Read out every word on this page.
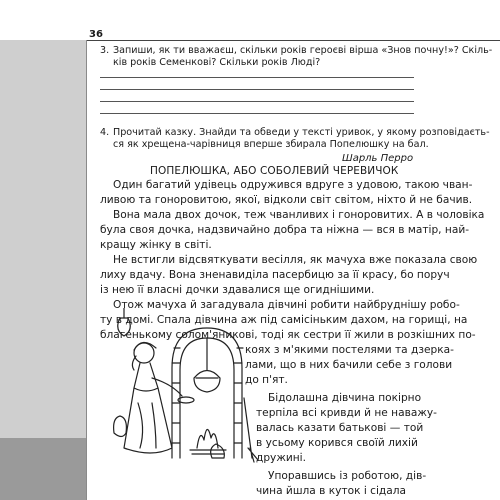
36
3. Запиши, як ти вважаєш, скільки років героєві вірша «Знов почну!»? Скіль-
ків років Семенкові? Скільки років Люді?
4. Прочитай казку. Знайди та обведи у тексті уривок, у якому розповідаєть-
ся як хрещена-чарівниця вперше збирала Попелюшку на бал.
Шарль Перро
ПОПЕЛЮШКА, АБО СОБОЛЕВИЙ ЧЕРЕВИЧОК
Один багатий удівець одружився вдруге з удовою, такою чван-
ливою та гоноровитою, якої, відколи світ світом, ніхто й не бачив.
Вона мала двох дочок, теж чванливих і гоноровитих. А в чоловіка
була своя дочка, надзвичайно добра та ніжна — вся в матір, най-
кращу жінку в світі.
Не встигли відсвяткувати весілля, як мачуха вже показала свою
лиху вдачу. Вона зненавиділа пасербицю за її красу, бо поруч
із нею її власні дочки здавалися ще огиднішими.
Отож мачуха й загадувала дівчині робити найбруднішу робо-
ту в домі. Спала дівчина аж під самісіньким дахом, на горищі, на
благенькому солом'яникові, тоді як сестри її жили в розкішних по-
коях з м'якими постелями та дзерка-
лами, що в них бачили себе з голови
до п'ят.
Бідолашна дівчина покірно
терпіла всі кривди й не наважу-
валась казати батькові — той
в усьому корився своїй лихій
дружині.
Упоравшись із роботою, дів-
чина йшла в куток і сідала
